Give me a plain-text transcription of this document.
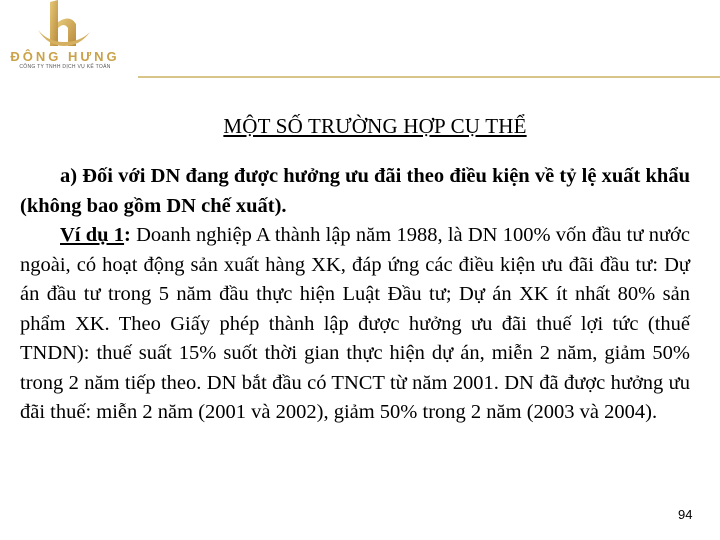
ĐÔNG HƯNG
CÔNG TY TNHH DỊCH VỤ KẾ TOÁN
MỘT SỐ TRƯỜNG HỢP CỤ THỂ

a) Đối với DN đang được hưởng ưu đãi theo điều kiện về tỷ lệ xuất khẩu (không bao gồm DN chế xuất).

Ví dụ 1: Doanh nghiệp A thành lập năm 1988, là DN 100% vốn đầu tư nước ngoài, có hoạt động sản xuất hàng XK, đáp ứng các điều kiện ưu đãi đầu tư: Dự án đầu tư trong 5 năm đầu thực hiện Luật Đầu tư; Dự án XK ít nhất 80% sản phẩm XK. Theo Giấy phép thành lập được hưởng ưu đãi thuế lợi tức (thuế TNDN): thuế suất 15% suốt thời gian thực hiện dự án, miễn 2 năm, giảm 50% trong 2 năm tiếp theo. DN bắt đầu có TNCT từ năm 2001. DN đã được hưởng ưu đãi thuế: miễn 2 năm (2001 và 2002), giảm 50% trong 2 năm (2003 và 2004).

94
